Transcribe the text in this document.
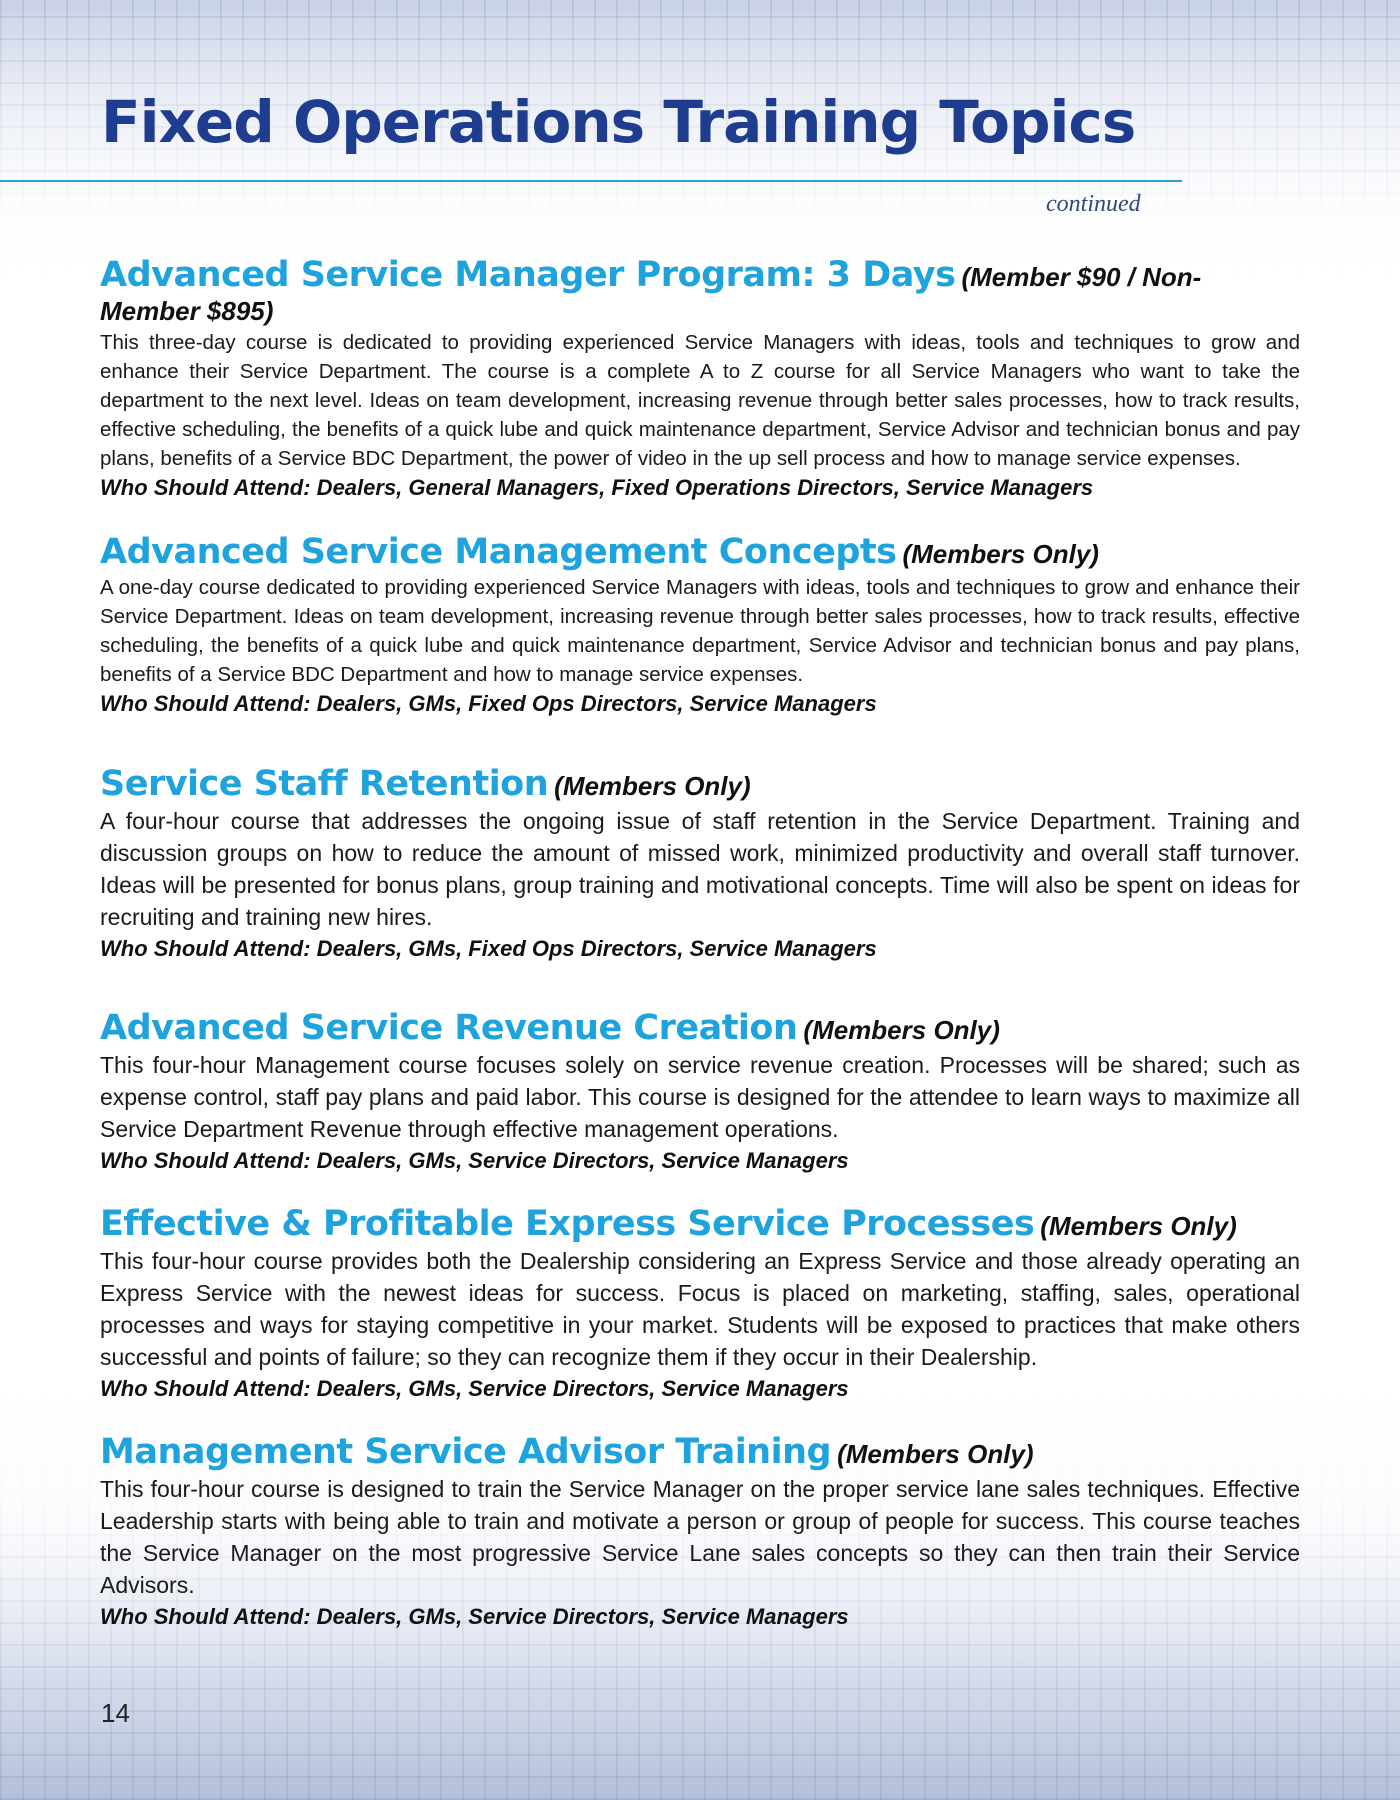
Fixed Operations Training Topics
continued
Advanced Service Manager Program: 3 Days (Member $90 / Non-Member $895)

This three-day course is dedicated to providing experienced Service Managers with ideas, tools and techniques to grow and enhance their Service Department. The course is a complete A to Z course for all Service Managers who want to take the department to the next level. Ideas on team development, increasing revenue through better sales processes, how to track results, effective scheduling, the benefits of a quick lube and quick maintenance department, Service Advisor and technician bonus and pay plans, benefits of a Service BDC Department, the power of video in the up sell process and how to manage service expenses.

Who Should Attend: Dealers, General Managers, Fixed Operations Directors, Service Managers

Advanced Service Management Concepts (Members Only)

A one-day course dedicated to providing experienced Service Managers with ideas, tools and techniques to grow and enhance their Service Department. Ideas on team development, increasing revenue through better sales processes, how to track results, effective scheduling, the benefits of a quick lube and quick maintenance department, Service Advisor and technician bonus and pay plans, benefits of a Service BDC Department and how to manage service expenses.

Who Should Attend: Dealers, GMs, Fixed Ops Directors, Service Managers

Service Staff Retention (Members Only)

A four-hour course that addresses the ongoing issue of staff retention in the Service Department. Training and discussion groups on how to reduce the amount of missed work, minimized productivity and overall staff turnover. Ideas will be presented for bonus plans, group training and motivational concepts. Time will also be spent on ideas for recruiting and training new hires.

Who Should Attend: Dealers, GMs, Fixed Ops Directors, Service Managers

Advanced Service Revenue Creation (Members Only)

This four-hour Management course focuses solely on service revenue creation. Processes will be shared; such as expense control, staff pay plans and paid labor. This course is designed for the attendee to learn ways to maximize all Service Department Revenue through effective management operations.

Who Should Attend: Dealers, GMs, Service Directors, Service Managers

Effective & Profitable Express Service Processes (Members Only)

This four-hour course provides both the Dealership considering an Express Service and those already operating an Express Service with the newest ideas for success. Focus is placed on marketing, staffing, sales, operational processes and ways for staying competitive in your market. Students will be exposed to practices that make others successful and points of failure; so they can recognize them if they occur in their Dealership.

Who Should Attend: Dealers, GMs, Service Directors, Service Managers

Management Service Advisor Training (Members Only)

This four-hour course is designed to train the Service Manager on the proper service lane sales techniques. Effective Leadership starts with being able to train and motivate a person or group of people for success. This course teaches the Service Manager on the most progressive Service Lane sales concepts so they can then train their Service Advisors.

Who Should Attend: Dealers, GMs, Service Directors, Service Managers

14
